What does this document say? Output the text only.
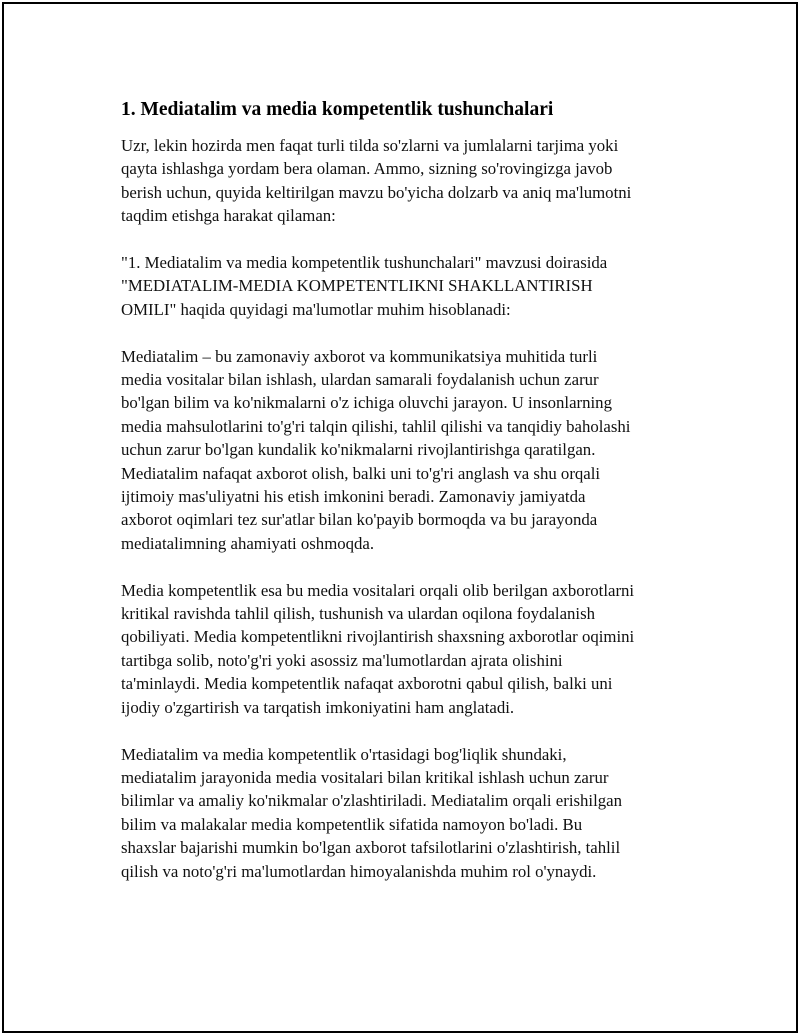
1. Mediatalim va media kompetentlik tushunchalari

Uzr, lekin hozirda men faqat turli tilda so'zlarni va jumlalarni tarjima yoki
qayta ishlashga yordam bera olaman. Ammo, sizning so'rovingizga javob
berish uchun, quyida keltirilgan mavzu bo'yicha dolzarb va aniq ma'lumotni
taqdim etishga harakat qilaman:

"1. Mediatalim va media kompetentlik tushunchalari" mavzusi doirasida
"MEDIATALIM-MEDIA KOMPETENTLIKNI SHAKLLANTIRISH
OMILI" haqida quyidagi ma'lumotlar muhim hisoblanadi:

Mediatalim – bu zamonaviy axborot va kommunikatsiya muhitida turli
media vositalar bilan ishlash, ulardan samarali foydalanish uchun zarur
bo'lgan bilim va ko'nikmalarni o'z ichiga oluvchi jarayon. U insonlarning
media mahsulotlarini to'g'ri talqin qilishi, tahlil qilishi va tanqidiy baholashi
uchun zarur bo'lgan kundalik ko'nikmalarni rivojlantirishga qaratilgan.
Mediatalim nafaqat axborot olish, balki uni to'g'ri anglash va shu orqali
ijtimoiy mas'uliyatni his etish imkonini beradi. Zamonaviy jamiyatda
axborot oqimlari tez sur'atlar bilan ko'payib bormoqda va bu jarayonda
mediatalimning ahamiyati oshmoqda.

Media kompetentlik esa bu media vositalari orqali olib berilgan axborotlarni
kritikal ravishda tahlil qilish, tushunish va ulardan oqilona foydalanish
qobiliyati. Media kompetentlikni rivojlantirish shaxsning axborotlar oqimini
tartibga solib, noto'g'ri yoki asossiz ma'lumotlardan ajrata olishini
ta'minlaydi. Media kompetentlik nafaqat axborotni qabul qilish, balki uni
ijodiy o'zgartirish va tarqatish imkoniyatini ham anglatadi.

Mediatalim va media kompetentlik o'rtasidagi bog'liqlik shundaki,
mediatalim jarayonida media vositalari bilan kritikal ishlash uchun zarur
bilimlar va amaliy ko'nikmalar o'zlashtiriladi. Mediatalim orqali erishilgan
bilim va malakalar media kompetentlik sifatida namoyon bo'ladi. Bu
shaxslar bajarishi mumkin bo'lgan axborot tafsilotlarini o'zlashtirish, tahlil
qilish va noto'g'ri ma'lumotlardan himoyalanishda muhim rol o'ynaydi.
